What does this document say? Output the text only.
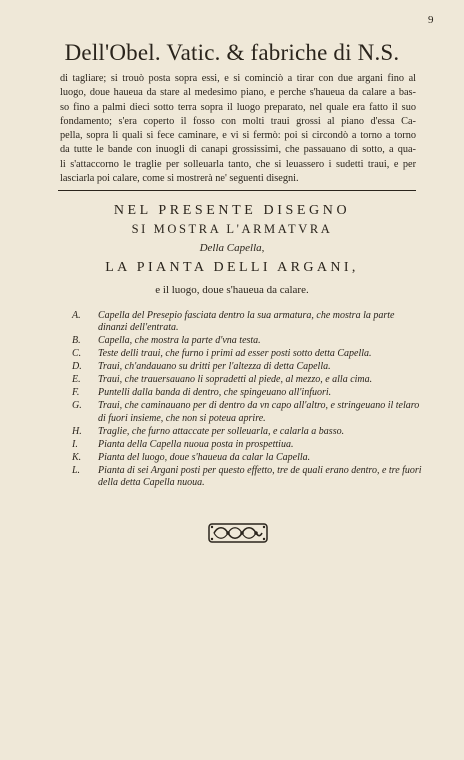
9
Dell'Obel. Vatic. & fabriche di N.S.
di tagliare; si trouò posta sopra essi, e si cominciò a tirar con due argani fino al
luogo, doue haueua da stare al medesimo piano, e perche s'haueua da calare a bas-
so fino a palmi dieci sotto terra sopra il luogo preparato, nel quale era fatto il suo
fondamento; s'era coperto il fosso con molti traui grossi al piano d'essa Ca-
pella, sopra li quali si fece caminare, e vi si fermò: poi si circondò a torno a torno
da tutte le bande con inuogli di canapi grossissimi, che passauano di sotto, a qua-
li s'attaccorno le traglie per solleuarla tanto, che si leuassero i sudetti traui, e per
lasciarla poi calare, come si mostrerà ne' seguenti disegni.
NEL PRESENTE DISEGNO
SI MOSTRA L'ARMATVRA
Della Capella,
LA PIANTA DELLI ARGANI,
e il luogo, doue s'haueua da calare.
A. Capella del Presepio fasciata dentro la sua armatura, che mostra la parte dinanzi dell'entrata.
B. Capella, che mostra la parte d'vna testa.
C. Teste delli traui, che furno i primi ad esser posti sotto detta Capella.
D. Traui, ch'andauano su dritti per l'altezza di detta Capella.
E. Traui, che trauersauano li sopradetti al piede, al mezzo, e alla cima.
F. Puntelli dalla banda di dentro, che spingeuano all'infuori.
G. Traui, che caminauano per di dentro da vn capo all'altro, e stringeuano il telaro di fuori insieme, che non si poteua aprire.
H. Traglie, che furno attaccate per solleuarla, e calarla a basso.
I. Pianta della Capella nuoua posta in prospettiua.
K. Pianta del luogo, doue s'haueua da calar la Capella.
L. Pianta di sei Argani posti per questo effetto, tre de quali erano dentro, e tre fuori della detta Capella nuoua.
